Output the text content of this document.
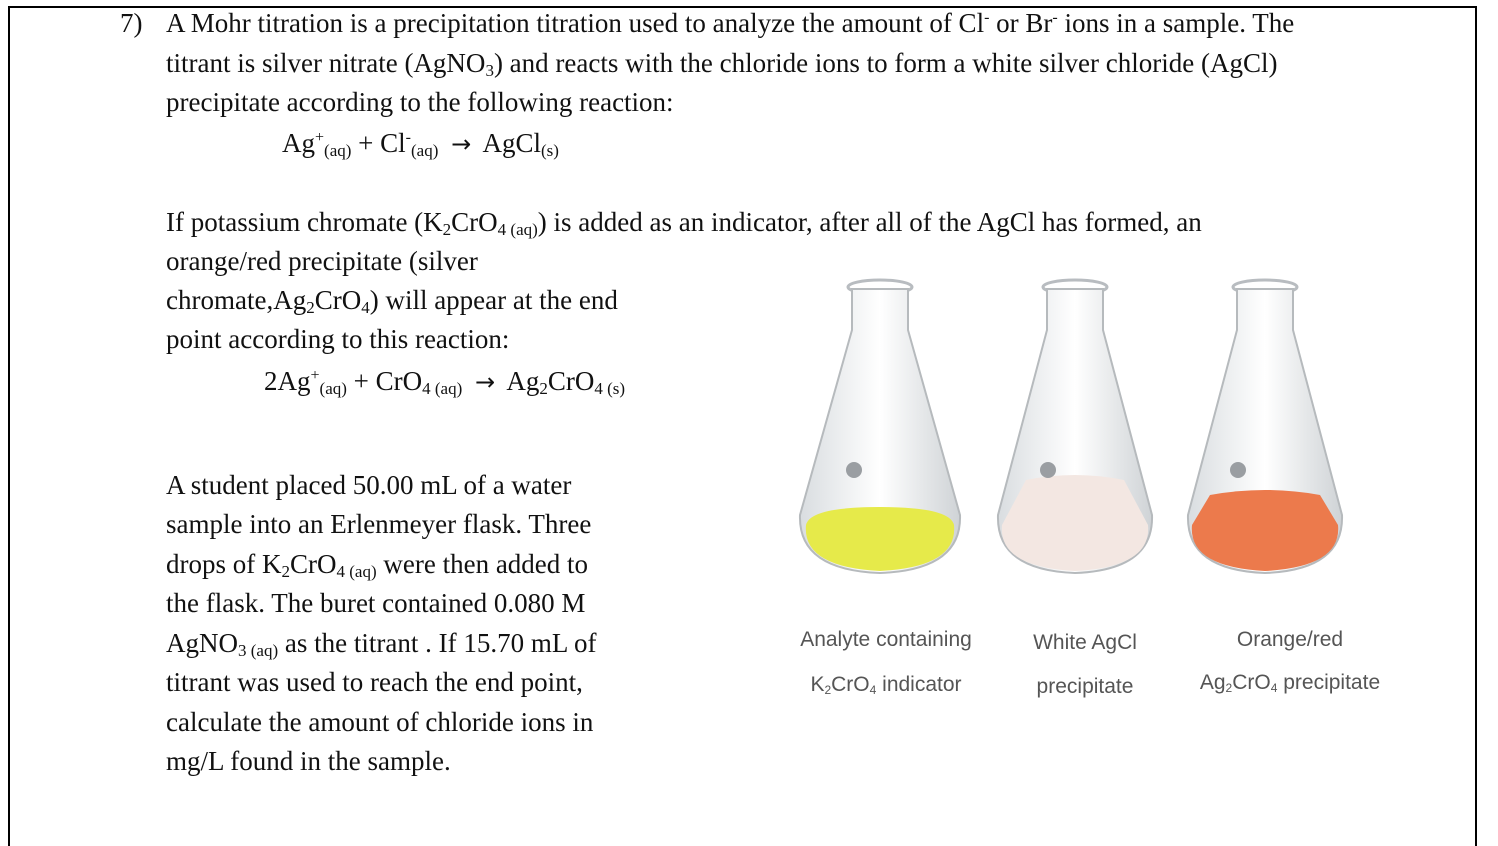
7) A Mohr titration is a precipitation titration used to analyze the amount of Cl- or Br- ions in a sample. The
titrant is silver nitrate (AgNO$_3$) and reacts with the chloride ions to form a white silver chloride (AgCl)
precipitate according to the following reaction:
$Ag^+_{(aq)} + Cl^-_{(aq)}$ → AgCl$_{(s)}$
If potassium chromate $(K_2CrO_{4 (aq)})$ is added as an indicator, after all of the AgCl has formed, an
orange/red precipitate (silver
$chromate,Ag_2CrO_4$) will appear at the end
point according to this reaction:
$2Ag^+_{(aq)} + CrO_{4 (aq)} \to Ag_2CrO_{4 (s)}$
A student placed 50.00 mL of a water
sample into an Erlenmeyer flask. Three
drops of $K_2CrO_{4 (aq)}$ were then added to
the flask. The buret contained 0.080 M
AgNO$_{3 (aq)}$ as the titrant . If 15.70 mL of
titrant was used to reach the end point,
calculate the amount of chloride ions in
mg/L found in the sample.
Analyte containing
K2CrO4 indicator
White AgCl
precipitate
Orange/red
Ag2CrO4 precipitate
